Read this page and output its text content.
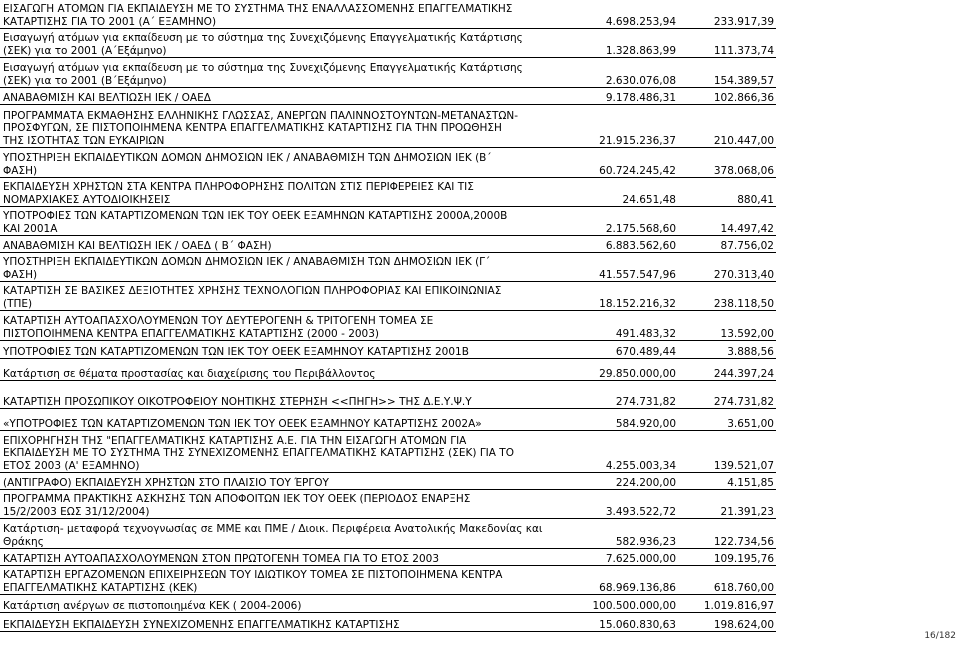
ΕΙΣΑΓΩΓΗ ΑΤΟΜΩΝ ΓΙΑ ΕΚΠΑΙΔΕΥΣΗ ΜΕ ΤΟ ΣΥΣΤΗΜΑ ΤΗΣ ΕΝΑΛΛΑΣΣΟΜΕΝΗΣ ΕΠΑΓΓΕΛΜΑΤΙΚΗΣ
ΚΑΤΑΡΤΙΣΗΣ ΓΙΑ ΤΟ 2001 (Α΄ ΕΞΑΜΗΝΟ)	4.698.253,94	233.917,39
Εισαγωγή ατόμων για εκπαίδευση με το σύστημα της Συνεχιζόμενης Επαγγελματικής Κατάρτισης
(ΣΕΚ) για το 2001 (Α΄Εξάμηνο)	1.328.863,99	111.373,74
Εισαγωγή ατόμων για εκπαίδευση με το σύστημα της Συνεχιζόμενης Επαγγελματικής Κατάρτισης
(ΣΕΚ) για το 2001 (Β΄Εξάμηνο)	2.630.076,08	154.389,57
ΑΝΑΒΑΘΜΙΣΗ ΚΑΙ ΒΕΛΤΙΩΣΗ ΙΕΚ / ΟΑΕΔ	9.178.486,31	102.866,36
ΠΡΟΓΡΑΜΜΑΤΑ ΕΚΜΑΘΗΣΗΣ ΕΛΛΗΝΙΚΗΣ ΓΛΩΣΣΑΣ, ΑΝΕΡΓΩΝ ΠΑΛΙΝΝΟΣΤΟΥΝΤΩΝ-ΜΕΤΑΝΑΣΤΩΝ-
ΠΡΟΣΦΥΓΩΝ, ΣΕ ΠΙΣΤΟΠΟΙΗΜΕΝΑ ΚΕΝΤΡΑ ΕΠΑΓΓΕΛΜΑΤΙΚΗΣ ΚΑΤΑΡΤΙΣΗΣ ΓΙΑ ΤΗΝ ΠΡΟΩΘΗΣΗ
ΤΗΣ ΙΣΟΤΗΤΑΣ ΤΩΝ ΕΥΚΑΙΡΙΩΝ	21.915.236,37	210.447,00
ΥΠΟΣΤΗΡΙΞΗ ΕΚΠΑΙΔΕΥΤΙΚΩΝ ΔΟΜΩΝ ΔΗΜΟΣΙΩΝ ΙΕΚ / ΑΝΑΒΑΘΜΙΣΗ ΤΩΝ ΔΗΜΟΣΙΩΝ ΙΕΚ (Β΄
ΦΑΣΗ)	60.724.245,42	378.068,06
ΕΚΠΑΙΔΕΥΣΗ ΧΡΗΣΤΩΝ ΣΤΑ ΚΕΝΤΡΑ ΠΛΗΡΟΦΟΡΗΣΗΣ ΠΟΛΙΤΩΝ ΣΤΙΣ ΠΕΡΙΦΕΡΕΙΕΣ ΚΑΙ ΤΙΣ
ΝΟΜΑΡΧΙΑΚΕΣ ΑΥΤΟΔΙΟΙΚΗΣΕΙΣ	24.651,48	880,41
ΥΠΟΤΡΟΦΙΕΣ ΤΩΝ ΚΑΤΑΡΤΙΖΟΜΕΝΩΝ ΤΩΝ ΙΕΚ ΤΟΥ ΟΕΕΚ ΕΞΑΜΗΝΩΝ ΚΑΤΑΡΤΙΣΗΣ 2000Α,2000Β
ΚΑΙ 2001Α	2.175.568,60	14.497,42
ΑΝΑΒΑΘΜΙΣΗ ΚΑΙ ΒΕΛΤΙΩΣΗ ΙΕΚ / ΟΑΕΔ ( Β΄ ΦΑΣΗ)	6.883.562,60	87.756,02
ΥΠΟΣΤΗΡΙΞΗ ΕΚΠΑΙΔΕΥΤΙΚΩΝ ΔΟΜΩΝ ΔΗΜΟΣΙΩΝ ΙΕΚ / ΑΝΑΒΑΘΜΙΣΗ ΤΩΝ ΔΗΜΟΣΙΩΝ ΙΕΚ (Γ΄
ΦΑΣΗ)	41.557.547,96	270.313,40
ΚΑΤΑΡΤΙΣΗ ΣΕ ΒΑΣΙΚΕΣ ΔΕΞΙΟΤΗΤΕΣ ΧΡΗΣΗΣ ΤΕΧΝΟΛΟΓΙΩΝ ΠΛΗΡΟΦΟΡΙΑΣ ΚΑΙ ΕΠΙΚΟΙΝΩΝΙΑΣ
(ΤΠΕ)	18.152.216,32	238.118,50
ΚΑΤΑΡΤΙΣΗ ΑΥΤΟΑΠΑΣΧΟΛΟΥΜΕΝΩΝ ΤΟΥ ΔΕΥΤΕΡΟΓΕΝΗ & ΤΡΙΤΟΓΕΝΗ ΤΟΜΕΑ ΣΕ
ΠΙΣΤΟΠΟΙΗΜΕΝΑ ΚΕΝΤΡΑ ΕΠΑΓΓΕΛΜΑΤΙΚΗΣ ΚΑΤΑΡΤΙΣΗΣ (2000 - 2003)	491.483,32	13.592,00
ΥΠΟΤΡΟΦΙΕΣ ΤΩΝ ΚΑΤΑΡΤΙΖΟΜΕΝΩΝ ΤΩΝ ΙΕΚ ΤΟΥ ΟΕΕΚ ΕΞΑΜΗΝΟΥ ΚΑΤΑΡΤΙΣΗΣ 2001Β	670.489,44	3.888,56
Κατάρτιση σε θέματα προστασίας και διαχείρισης του Περιβάλλοντος	29.850.000,00	244.397,24
ΚΑΤΑΡΤΙΣΗ ΠΡΟΣΩΠΙΚΟΥ ΟΙΚΟΤΡΟΦΕΙΟΥ ΝΟΗΤΙΚΗΣ ΣΤΕΡΗΣΗ <<ΠΗΓΗ>> ΤΗΣ Δ.Ε.Υ.Ψ.Υ	274.731,82	274.731,82
«ΥΠΟΤΡΟΦΙΕΣ ΤΩΝ ΚΑΤΑΡΤΙΖΟΜΕΝΩΝ ΤΩΝ ΙΕΚ ΤΟΥ ΟΕΕΚ ΕΞΑΜΗΝΟΥ ΚΑΤΑΡΤΙΣΗΣ 2002Α»	584.920,00	3.651,00
ΕΠΙΧΟΡΗΓΗΣΗ ΤΗΣ "ΕΠΑΓΓΕΛΜΑΤΙΚΗΣ ΚΑΤΑΡΤΙΣΗΣ Α.Ε. ΓΙΑ ΤΗΝ ΕΙΣΑΓΩΓΗ ΑΤΟΜΩΝ ΓΙΑ
ΕΚΠΑΙΔΕΥΣΗ ΜΕ ΤΟ ΣΥΣΤΗΜΑ ΤΗΣ ΣΥΝΕΧΙΖΟΜΕΝΗΣ ΕΠΑΓΓΕΛΜΑΤΙΚΗΣ ΚΑΤΑΡΤΙΣΗΣ (ΣΕΚ) ΓΙΑ ΤΟ
ΕΤΟΣ 2003 (Α' ΕΞΑΜΗΝΟ)	4.255.003,34	139.521,07
(ΑΝΤΙΓΡΑΦΟ) ΕΚΠΑΙΔΕΥΣΗ ΧΡΗΣΤΩΝ ΣΤΟ ΠΛΑΙΣΙΟ ΤΟΥ ΈΡΓΟΥ	224.200,00	4.151,85
ΠΡΟΓΡΑΜΜΑ ΠΡΑΚΤΙΚΗΣ ΑΣΚΗΣΗΣ ΤΩΝ ΑΠΟΦΟΙΤΩΝ ΙΕΚ ΤΟΥ ΟΕΕΚ (ΠΕΡΙΟΔΟΣ ΕΝΑΡΞΗΣ
15/2/2003 ΕΩΣ 31/12/2004)	3.493.522,72	21.391,23
Κατάρτιση- μεταφορά τεχνογνωσίας σε ΜΜΕ και ΠΜΕ / Διοικ. Περιφέρεια Ανατολικής Μακεδονίας και
Θράκης	582.936,23	122.734,56
ΚΑΤΑΡΤΙΣΗ ΑΥΤΟΑΠΑΣΧΟΛΟΥΜΕΝΩΝ ΣΤΟΝ ΠΡΩΤΟΓΕΝΗ ΤΟΜΕΑ ΓΙΑ ΤΟ ΕΤΟΣ 2003	7.625.000,00	109.195,76
ΚΑΤΑΡΤΙΣΗ ΕΡΓΑΖΟΜΕΝΩΝ ΕΠΙΧΕΙΡΗΣΕΩΝ ΤΟΥ ΙΔΙΩΤΙΚΟΥ ΤΟΜΕΑ ΣΕ ΠΙΣΤΟΠΟΙΗΜΕΝΑ ΚΕΝΤΡΑ
ΕΠΑΓΓΕΛΜΑΤΙΚΗΣ ΚΑΤΑΡΤΙΣΗΣ (ΚΕΚ)	68.969.136,86	618.760,00
Κατάρτιση ανέργων σε πιστοποιημένα ΚΕΚ ( 2004-2006)	100.500.000,00	1.019.816,97
ΕΚΠΑΙΔΕΥΣΗ ΕΚΠΑΙΔΕΥΣΗ ΣΥΝΕΧΙΖΟΜΕΝΗΣ ΕΠΑΓΓΕΛΜΑΤΙΚΗΣ ΚΑΤΑΡΤΙΣΗΣ	15.060.830,63	198.624,00
16/182
